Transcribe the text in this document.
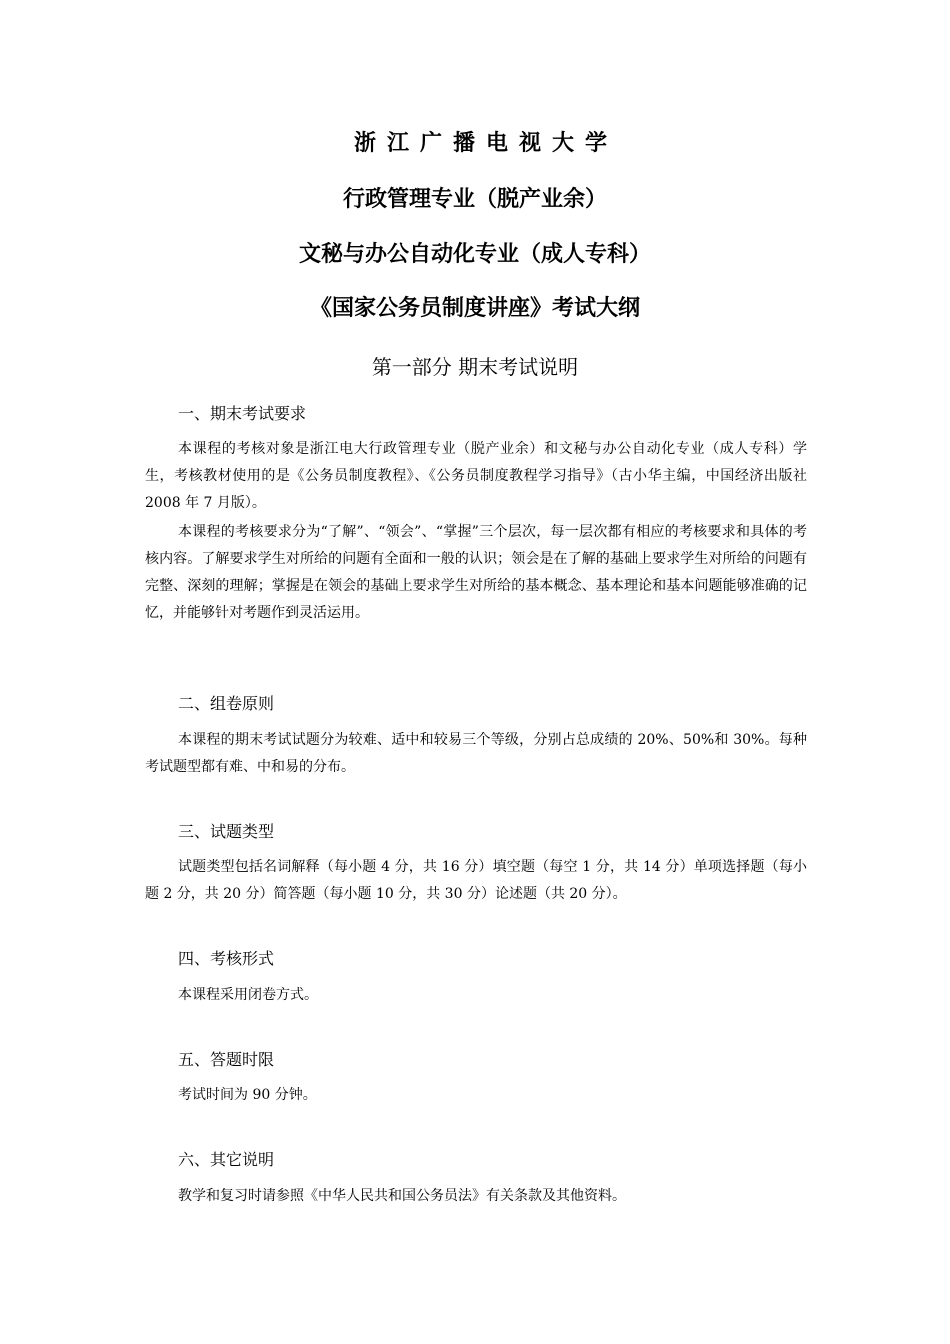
浙江广播电视大学
行政管理专业（脱产业余）
文秘与办公自动化专业（成人专科）
《国家公务员制度讲座》考试大纲
第一部分 期末考试说明
一、期末考试要求

本课程的考核对象是浙江电大行政管理专业（脱产业余）和文秘与办公自动化专业（成人专科）学生，考核教材使用的是《公务员制度教程》、《公务员制度教程学习指导》（古小华主编，中国经济出版社 2008 年 7 月版）。

本课程的考核要求分为“了解”、“领会”、“掌握”三个层次，每一层次都有相应的考核要求和具体的考核内容。了解要求学生对所给的问题有全面和一般的认识；领会是在了解的基础上要求学生对所给的问题有完整、深刻的理解；掌握是在领会的基础上要求学生对所给的基本概念、基本理论和基本问题能够准确的记忆，并能够针对考题作到灵活运用。

二、组卷原则

本课程的期末考试试题分为较难、适中和较易三个等级，分别占总成绩的 20%、50%和 30%。每种考试题型都有难、中和易的分布。

三、试题类型

试题类型包括名词解释（每小题 4 分，共 16 分）填空题（每空 1 分，共 14 分）单项选择题（每小题 2 分，共 20 分）简答题（每小题 10 分，共 30 分）论述题（共 20 分）。

四、考核形式

本课程采用闭卷方式。

五、答题时限

考试时间为 90 分钟。

六、其它说明

教学和复习时请参照《中华人民共和国公务员法》有关条款及其他资料。
